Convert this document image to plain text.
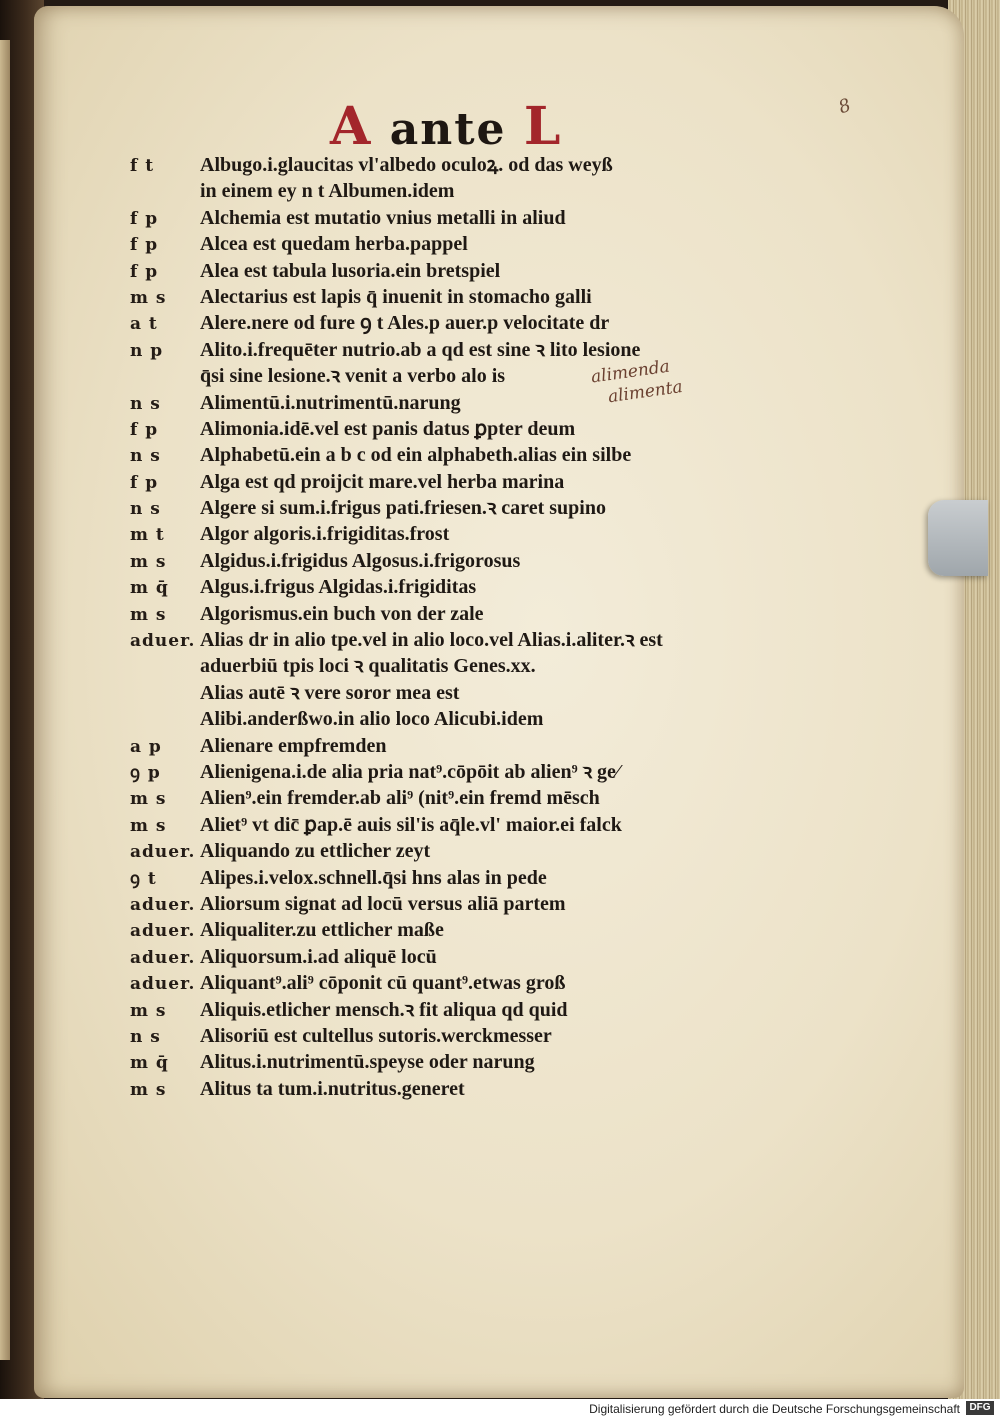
8
A ante L
f t	Albugo.i.glaucitas vl'albedo oculoꝝ. od das weyß
in einem ey n t Albumen.idem
f p	Alchemia est mutatio vnius metalli in aliud
f p	Alcea est quedam herba.pappel
f p	Alea est tabula lusoria.ein bretspiel
m s	Alectarius est lapis q̄ inuenit in stomacho galli
a t	Alere.nere od fure ꝯ t Ales.p auer.p velocitate dr
n p	Alito.i.frequēter nutrio.ab a qd est sine ꝛ lito lesione
q̄si sine lesione.ꝛ venit a verbo alo is
n s	Alimentū.i.nutrimentū.narung
f p	Alimonia.idē.vel est panis datus ꝑpter deum
n s	Alphabetū.ein a b c od ein alphabeth.alias ein silbe
f p	Alga est qd proijcit mare.vel herba marina
n s	Algere si sum.i.frigus pati.friesen.ꝛ caret supino
m t	Algor algoris.i.frigiditas.frost
m s	Algidus.i.frigidus Algosus.i.frigorosus
m q̄	Algus.i.frigus Algidas.i.frigiditas
m s	Algorismus.ein buch von der zale
aduer. Alias dr in alio tpe.vel in alio loco.vel Alias.i.aliter.ꝛ est aduerbiū tpis loci ꝛ qualitatis Genes.xx.
Alias autē ꝛ vere soror mea est
Alibi.anderßwo.in alio loco Alicubi.idem
a p	Alienare empfremden
ꝯ p	Alienigena.i.de alia pria nat⁹.cōpōit ab alien⁹ ꝛ ge⁄
m s	Alien⁹.ein fremder.ab ali⁹ (nit⁹.ein fremd mēsch
m s	Aliet⁹ vt dic̄ ꝑap.ē auis sil'is aq̄le.vl' maior.ei falck
aduer. Aliquando zu ettlicher zeyt
ꝯ t	Alipes.i.velox.schnell.q̄si hns alas in pede
aduer. Aliorsum signat ad locū versus aliā partem
aduer. Aliqualiter.zu ettlicher maße
aduer. Aliquorsum.i.ad aliquē locū
aduer. Aliquant⁹.ali⁹ cōponit cū quant⁹.etwas groß
m s	Aliquis.etlicher mensch.ꝛ fit aliqua qd quid
n s	Alisoriū est cultellus sutoris.werckmesser
m q̄	Alitus.i.nutrimentū.speyse oder narung
m s	Alitus ta tum.i.nutritus.generet
alimenda
alimenta
Digitalisierung gefördert durch die Deutsche Forschungsgemeinschaft DFG
